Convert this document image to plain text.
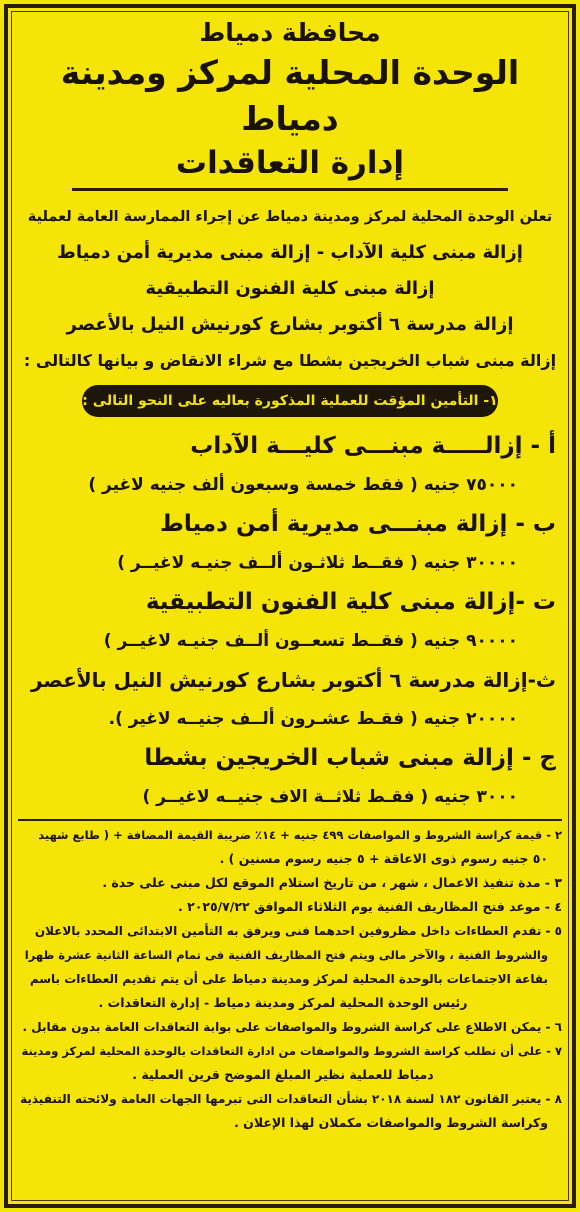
محافظة دمياط
الوحدة المحلية لمركز ومدينة دمياط
إدارة التعاقدات

تعلن الوحدة المحلية لمركز ومدينة دمياط عن إجراء الممارسة العامة لعملية

إزالة مبنى كلية الآداب - إزالة مبنى مديرية أمن دمياط

إزالة مبنى كلية الفنون التطبيقية

إزالة مدرسة ٦ أكتوبر بشارع كورنيش النيل بالأعصر

إزالة مبنى شباب الخريجين بشطا مع شراء الانقاض و بيانها كالتالى :

١- التأمين المؤقت للعملية المذكورة بعاليه على النحو التالى :
أ - إزالـــــة مبنـــى كليـــة الآداب
٧٥٠٠٠ جنيه ( فقط خمسة وسبعون ألف جنيه لاغير )
ب - إزالة مبنـــى مديرية أمن دمياط
٣٠٠٠٠ جنيه ( فقــط ثلاثـون ألــف جنيـه لاغيــر )
ت -إزالة مبنى كلية الفنون التطبيقية
٩٠٠٠٠ جنيه ( فقــط تسعــون ألــف جنيـه لاغيــر )
ث-إزالة مدرسة ٦ أكتوبر بشارع كورنيش النيل بالأعصر
٢٠٠٠٠ جنيه ( فقـط عشـرون ألــف جنيــه لاغير ).
ج - إزالة مبنى شباب الخريجين بشطا
٣٠٠٠ جنيه ( فقـط ثلاثــة الاف جنيــه لاغيــر )
٢ - قيمة كراسة الشروط و المواصفات ٤٩٩ جنيه + ١٤٪ ضريبة القيمة المضافة + ( طابع شهيد
٥٠ جنيه رسوم ذوى الاعاقة + ٥ جنيه رسوم مسنين ) .
٣ - مدة تنفيذ الاعمال ، شهر ، من تاريخ استلام الموقع لكل مبنى على حدة .
٤ - موعد فتح المظاريف الفنية يوم الثلاثاء الموافق ٢٠٢٥/٧/٢٢ .
٥ - تقدم العطاءات داخل مظروفين احدهما فنى ويرفق به التأمين الابتدائى المحدد بالاعلان
والشروط الفنية ، والآخر مالى ويتم فتح المظاريف الفنية فى تمام الساعة الثانية عشرة ظهرا
بقاعة الاجتماعات بالوحدة المحلية لمركز ومدينة دمياط على أن يتم تقديم العطاءات باسم
رئيس الوحدة المحلية لمركز ومدينة دمياط - إدارة التعاقدات .
٦ - يمكن الاطلاع على كراسة الشروط والمواصفات على بوابة التعاقدات العامة بدون مقابل .
٧ - على أن تطلب كراسة الشروط والمواصفات من ادارة التعاقدات بالوحدة المحلية لمركز ومدينة
دمياط للعملية نظير المبلغ الموضح قرين العملية .
٨ - يعتبر القانون ١٨٢ لسنة ٢٠١٨ بشأن التعاقدات التى تبرمها الجهات العامة ولائحته التنفيذية
وكراسة الشروط والمواصفات مكملان لهذا الإعلان .
